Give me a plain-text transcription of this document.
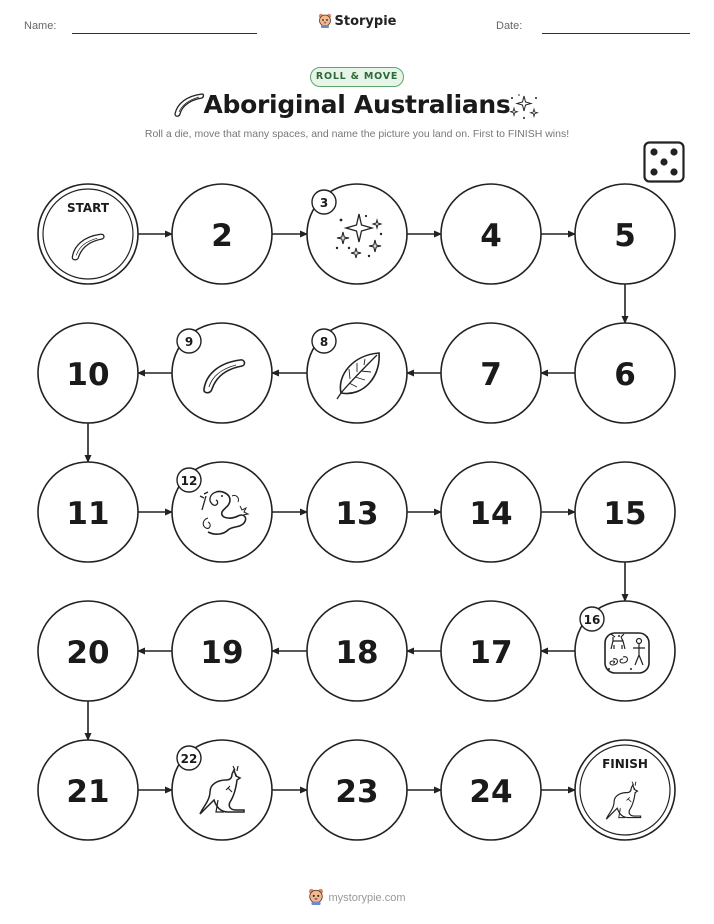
Name:	Storypie	Date:
ROLL & MOVE
Aboriginal Australians
Roll a die, move that many spaces, and name the picture you land on. First to FINISH wins!
START
2
3
4	5
6
7
8
9
10
11
12
13	14	15
16
17
18
19
20
21
22
23	24
FINISH
mystorypie.com
